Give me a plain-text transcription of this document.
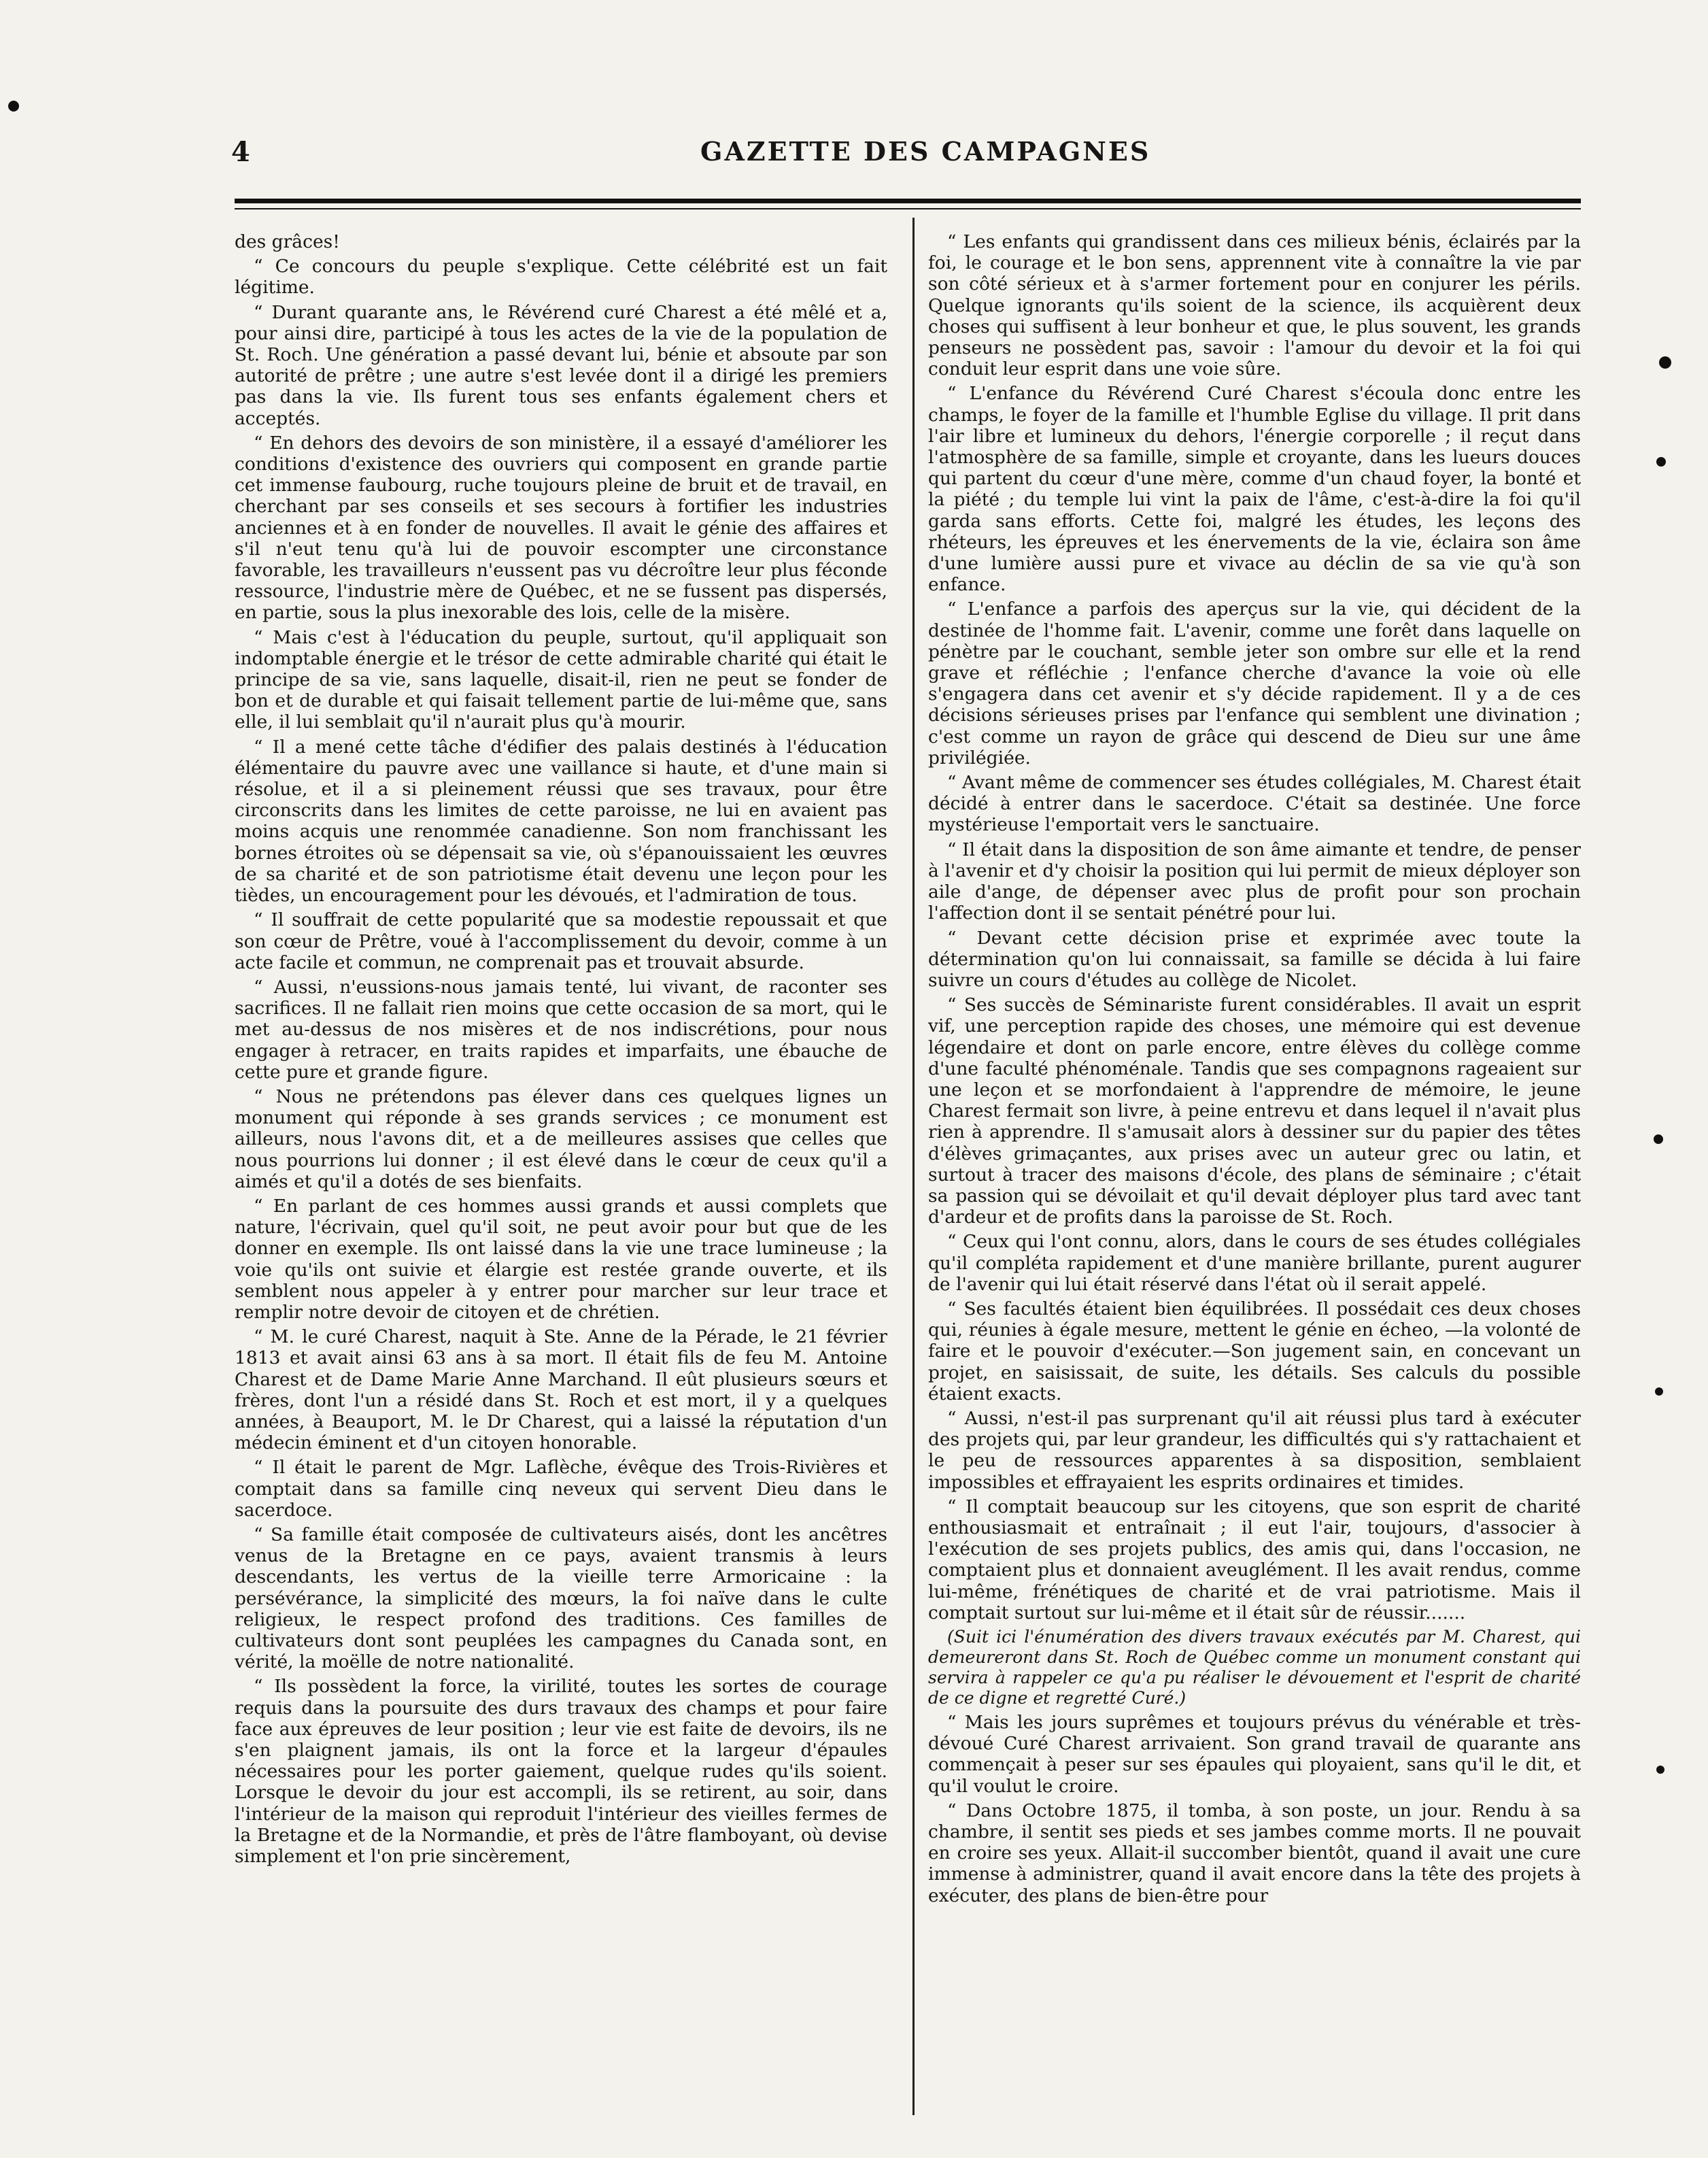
4	GAZETTE DES CAMPAGNES

des grâces!

“ Ce concours du peuple s'explique. Cette célébrité est un fait légitime.

“ Durant quarante ans, le Révérend curé Charest a été mêlé et a, pour ainsi dire, participé à tous les actes de la vie de la population de St. Roch. Une génération a passé devant lui, bénie et absoute par son autorité de prêtre ; une autre s'est levée dont il a dirigé les premiers pas dans la vie. Ils furent tous ses enfants également chers et acceptés.

“ En dehors des devoirs de son ministère, il a essayé d'améliorer les conditions d'existence des ouvriers qui composent en grande partie cet immense faubourg, ruche toujours pleine de bruit et de travail, en cherchant par ses conseils et ses secours à fortifier les industries anciennes et à en fonder de nouvelles. Il avait le génie des affaires et s'il n'eut tenu qu'à lui de pouvoir escompter une circonstance favorable, les travailleurs n'eussent pas vu décroître leur plus féconde ressource, l'industrie mère de Québec, et ne se fussent pas dispersés, en partie, sous la plus inexorable des lois, celle de la misère.

“ Mais c'est à l'éducation du peuple, surtout, qu'il appliquait son indomptable énergie et le trésor de cette admirable charité qui était le principe de sa vie, sans laquelle, disait-il, rien ne peut se fonder de bon et de durable et qui faisait tellement partie de lui-même que, sans elle, il lui semblait qu'il n'aurait plus qu'à mourir.

“ Il a mené cette tâche d'édifier des palais destinés à l'éducation élémentaire du pauvre avec une vaillance si haute, et d'une main si résolue, et il a si pleinement réussi que ses travaux, pour être circonscrits dans les limites de cette paroisse, ne lui en avaient pas moins acquis une renommée canadienne. Son nom franchissant les bornes étroites où se dépensait sa vie, où s'épanouissaient les œuvres de sa charité et de son patriotisme était devenu une leçon pour les tièdes, un encouragement pour les dévoués, et l'admiration de tous.

“ Il souffrait de cette popularité que sa modestie repoussait et que son cœur de Prêtre, voué à l'accomplissement du devoir, comme à un acte facile et commun, ne comprenait pas et trouvait absurde.

“ Aussi, n'eussions-nous jamais tenté, lui vivant, de raconter ses sacrifices. Il ne fallait rien moins que cette occasion de sa mort, qui le met au-dessus de nos misères et de nos indiscrétions, pour nous engager à retracer, en traits rapides et imparfaits, une ébauche de cette pure et grande figure.

“ Nous ne prétendons pas élever dans ces quelques lignes un monument qui réponde à ses grands services ; ce monument est ailleurs, nous l'avons dit, et a de meilleures assises que celles que nous pourrions lui donner ; il est élevé dans le cœur de ceux qu'il a aimés et qu'il a dotés de ses bienfaits.

“ En parlant de ces hommes aussi grands et aussi complets que nature, l'écrivain, quel qu'il soit, ne peut avoir pour but que de les donner en exemple. Ils ont laissé dans la vie une trace lumineuse ; la voie qu'ils ont suivie et élargie est restée grande ouverte, et ils semblent nous appeler à y entrer pour marcher sur leur trace et remplir notre devoir de citoyen et de chrétien.

“ M. le curé Charest, naquit à Ste. Anne de la Pérade, le 21 février 1813 et avait ainsi 63 ans à sa mort. Il était fils de feu M. Antoine Charest et de Dame Marie Anne Marchand. Il eût plusieurs sœurs et frères, dont l'un a résidé dans St. Roch et est mort, il y a quelques années, à Beauport, M. le Dr Charest, qui a laissé la réputation d'un médecin éminent et d'un citoyen honorable.

“ Il était le parent de Mgr. Laflèche, évêque des Trois-Rivières et comptait dans sa famille cinq neveux qui servent Dieu dans le sacerdoce.

“ Sa famille était composée de cultivateurs aisés, dont les ancêtres venus de la Bretagne en ce pays, avaient transmis à leurs descendants, les vertus de la vieille terre Armoricaine : la persévérance, la simplicité des mœurs, la foi naïve dans le culte religieux, le respect profond des traditions. Ces familles de cultivateurs dont sont peuplées les campagnes du Canada sont, en vérité, la moëlle de notre nationalité.

“ Ils possèdent la force, la virilité, toutes les sortes de courage requis dans la poursuite des durs travaux des champs et pour faire face aux épreuves de leur position ; leur vie est faite de devoirs, ils ne s'en plaignent jamais, ils ont la force et la largeur d'épaules nécessaires pour les porter gaiement, quelque rudes qu'ils soient. Lorsque le devoir du jour est accompli, ils se retirent, au soir, dans l'intérieur de la maison qui reproduit l'intérieur des vieilles fermes de la Bretagne et de la Normandie, et près de l'âtre flamboyant, où devise simplement et l'on prie sincèrement,

“ Les enfants qui grandissent dans ces milieux bénis, éclairés par la foi, le courage et le bon sens, apprennent vite à connaître la vie par son côté sérieux et à s'armer fortement pour en conjurer les périls. Quelque ignorants qu'ils soient de la science, ils acquièrent deux choses qui suffisent à leur bonheur et que, le plus souvent, les grands penseurs ne possèdent pas, savoir : l'amour du devoir et la foi qui conduit leur esprit dans une voie sûre.

“ L'enfance du Révérend Curé Charest s'écoula donc entre les champs, le foyer de la famille et l'humble Eglise du village. Il prit dans l'air libre et lumineux du dehors, l'énergie corporelle ; il reçut dans l'atmosphère de sa famille, simple et croyante, dans les lueurs douces qui partent du cœur d'une mère, comme d'un chaud foyer, la bonté et la piété ; du temple lui vint la paix de l'âme, c'est-à-dire la foi qu'il garda sans efforts. Cette foi, malgré les études, les leçons des rhéteurs, les épreuves et les énervements de la vie, éclaira son âme d'une lumière aussi pure et vivace au déclin de sa vie qu'à son enfance.

“ L'enfance a parfois des aperçus sur la vie, qui décident de la destinée de l'homme fait. L'avenir, comme une forêt dans laquelle on pénètre par le couchant, semble jeter son ombre sur elle et la rend grave et réfléchie ; l'enfance cherche d'avance la voie où elle s'engagera dans cet avenir et s'y décide rapidement. Il y a de ces décisions sérieuses prises par l'enfance qui semblent une divination ; c'est comme un rayon de grâce qui descend de Dieu sur une âme privilégiée.

“ Avant même de commencer ses études collégiales, M. Charest était décidé à entrer dans le sacerdoce. C'était sa destinée. Une force mystérieuse l'emportait vers le sanctuaire.

“ Il était dans la disposition de son âme aimante et tendre, de penser à l'avenir et d'y choisir la position qui lui permit de mieux déployer son aile d'ange, de dépenser avec plus de profit pour son prochain l'affection dont il se sentait pénétré pour lui.

“ Devant cette décision prise et exprimée avec toute la détermination qu'on lui connaissait, sa famille se décida à lui faire suivre un cours d'études au collège de Nicolet.

“ Ses succès de Séminariste furent considérables. Il avait un esprit vif, une perception rapide des choses, une mémoire qui est devenue légendaire et dont on parle encore, entre élèves du collège comme d'une faculté phénoménale. Tandis que ses compagnons rageaient sur une leçon et se morfondaient à l'apprendre de mémoire, le jeune Charest fermait son livre, à peine entrevu et dans lequel il n'avait plus rien à apprendre. Il s'amusait alors à dessiner sur du papier des têtes d'élèves grimaçantes, aux prises avec un auteur grec ou latin, et surtout à tracer des maisons d'école, des plans de séminaire ; c'était sa passion qui se dévoilait et qu'il devait déployer plus tard avec tant d'ardeur et de profits dans la paroisse de St. Roch.

“ Ceux qui l'ont connu, alors, dans le cours de ses études collégiales qu'il compléta rapidement et d'une manière brillante, purent augurer de l'avenir qui lui était réservé dans l'état où il serait appelé.

“ Ses facultés étaient bien équilibrées. Il possédait ces deux choses qui, réunies à égale mesure, mettent le génie en écheo, —la volonté de faire et le pouvoir d'exécuter.—Son jugement sain, en concevant un projet, en saisissait, de suite, les détails. Ses calculs du possible étaient exacts.

“ Aussi, n'est-il pas surprenant qu'il ait réussi plus tard à exécuter des projets qui, par leur grandeur, les difficultés qui s'y rattachaient et le peu de ressources apparentes à sa disposition, semblaient impossibles et effrayaient les esprits ordinaires et timides.

“ Il comptait beaucoup sur les citoyens, que son esprit de charité enthousiasmait et entraînait ; il eut l'air, toujours, d'associer à l'exécution de ses projets publics, des amis qui, dans l'occasion, ne comptaient plus et donnaient aveuglément. Il les avait rendus, comme lui-même, frénétiques de charité et de vrai patriotisme. Mais il comptait surtout sur lui-même et il était sûr de réussir.......

(Suit ici l'énumération des divers travaux exécutés par M. Charest, qui demeureront dans St. Roch de Québec comme un monument constant qui servira à rappeler ce qu'a pu réaliser le dévouement et l'esprit de charité de ce digne et regretté Curé.)

“ Mais les jours suprêmes et toujours prévus du vénérable et très-dévoué Curé Charest arrivaient. Son grand travail de quarante ans commençait à peser sur ses épaules qui ployaient, sans qu'il le dit, et qu'il voulut le croire.

“ Dans Octobre 1875, il tomba, à son poste, un jour. Rendu à sa chambre, il sentit ses pieds et ses jambes comme morts. Il ne pouvait en croire ses yeux. Allait-il succomber bientôt, quand il avait une cure immense à administrer, quand il avait encore dans la tête des projets à exécuter, des plans de bien-être pour
